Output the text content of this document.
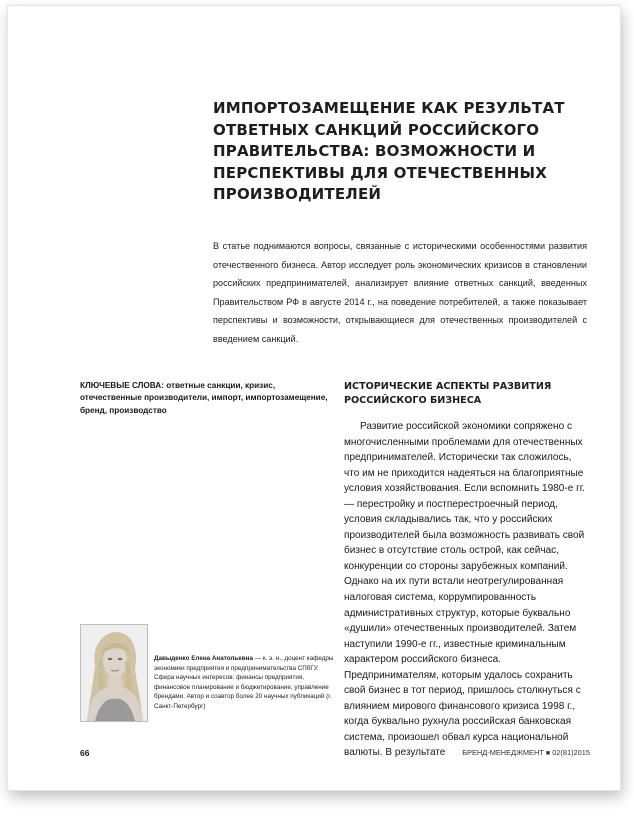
ИМПОРТОЗАМЕЩЕНИЕ КАК РЕЗУЛЬТАТ ОТВЕТНЫХ САНКЦИЙ РОССИЙСКОГО ПРАВИТЕЛЬСТВА: ВОЗМОЖНОСТИ И ПЕРСПЕКТИВЫ ДЛЯ ОТЕЧЕСТВЕННЫХ ПРОИЗВОДИТЕЛЕЙ

В статье поднимаются вопросы, связанные с историческими особенностями развития отечественного бизнеса. Автор исследует роль экономических кризисов в становлении российских предпринимателей, анализирует влияние ответных санкций, введенных Правительством РФ в августе 2014 г., на поведение потребителей, а также показывает перспективы и возможности, открывающиеся для отечественных производителей с введением санкций.

КЛЮЧЕВЫЕ СЛОВА: ответные санкции, кризис, отечественные производители, импорт, импортозамещение, бренд, производство

ИСТОРИЧЕСКИЕ АСПЕКТЫ РАЗВИТИЯ РОССИЙСКОГО БИЗНЕСА

Развитие российской экономики сопряжено с многочисленными проблемами для отечественных предпринимателей. Исторически так сложилось, что им не приходится надеяться на благоприятные условия хозяйствования. Если вспомнить 1980-е гг. — перестройку и постперестроечный период, условия складывались так, что у российских производителей была возможность развивать свой бизнес в отсутствие столь острой, как сейчас, конкуренции со стороны зарубежных компаний. Однако на их пути встали неотрегулированная налоговая система, коррумпированность административных структур, которые буквально «душили» отечественных производителей. Затем наступили 1990-е гг., известные криминальным характером российского бизнеса. Предпринимателям, которым удалось сохранить свой бизнес в тот период, пришлось столкнуться с влиянием мирового финансового кризиса 1998 г., когда буквально рухнула российская банковская система, произошел обвал курса национальной валюты. В результате

Давыденко Елена Анатольевна — к. э. н., доцент кафедры экономики предприятия и предпринимательства СПбГУ. Сфера научных интересов: финансы предприятия, финансовое планирование и бюджетирование, управление брендами. Автор и соавтор более 20 научных публикаций (г. Санкт-Петербург)

66	БРЕНД-МЕНЕДЖМЕНТ ■ 02(81)2015
